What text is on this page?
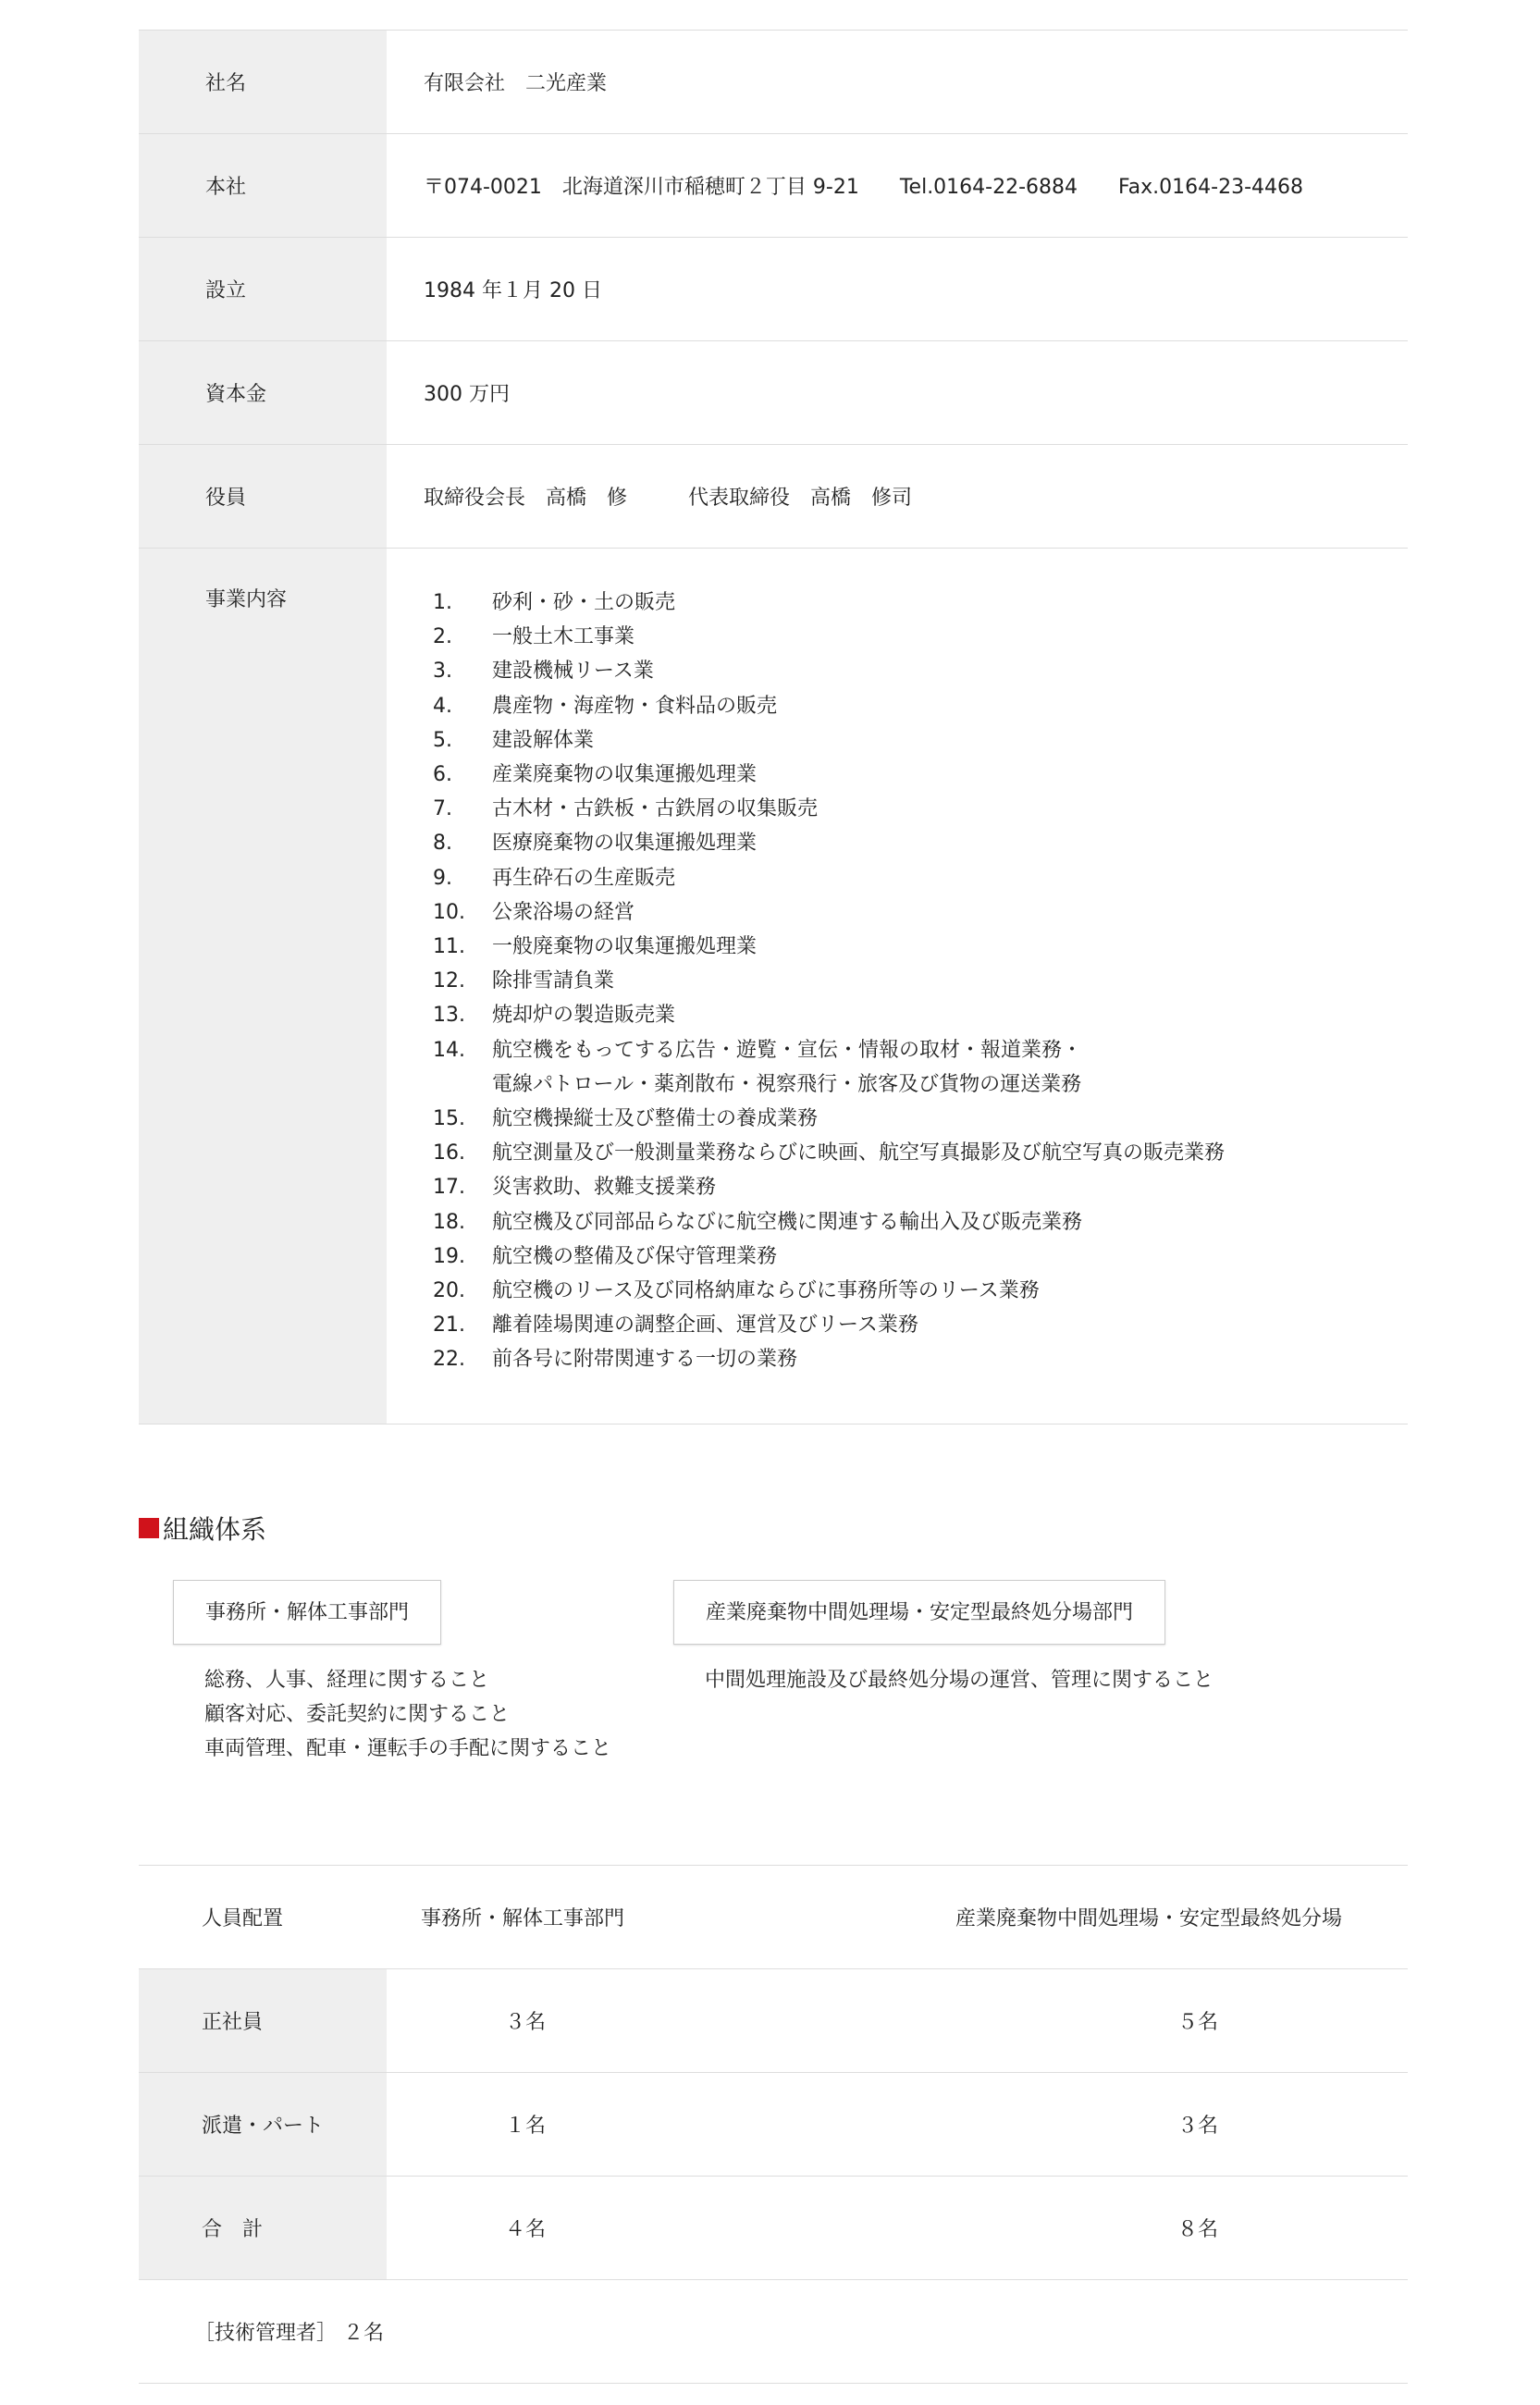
社名	有限会社　二光産業
本社	〒074-0021　北海道深川市稲穂町２丁目 9-21　　Tel.0164-22-6884　　Fax.0164-23-4468
設立	1984 年１月 20 日
資本金	300 万円
役員	取締役会長　高橋　修　　　代表取締役　高橋　修司
事業内容	1.	砂利・砂・土の販売
2.	一般土木工事業
3.	建設機械リース業
4.	農産物・海産物・食料品の販売
5.	建設解体業
6.	産業廃棄物の収集運搬処理業
7.	古木材・古鉄板・古鉄屑の収集販売
8.	医療廃棄物の収集運搬処理業
9.	再生砕石の生産販売
10.	公衆浴場の経営
11.	一般廃棄物の収集運搬処理業
12.	除排雪請負業
13.	焼却炉の製造販売業
14.	航空機をもってする広告・遊覧・宣伝・情報の取材・報道業務・
電線パトロール・薬剤散布・視察飛行・旅客及び貨物の運送業務
15.	航空機操縦士及び整備士の養成業務
16.	航空測量及び一般測量業務ならびに映画、航空写真撮影及び航空写真の販売業務
17.	災害救助、救難支援業務
18.	航空機及び同部品らなびに航空機に関連する輸出入及び販売業務
19.	航空機の整備及び保守管理業務
20.	航空機のリース及び同格納庫ならびに事務所等のリース業務
21.	離着陸場関連の調整企画、運営及びリース業務
22.	前各号に附帯関連する一切の業務
組織体系
事務所・解体工事部門
総務、人事、経理に関すること
顧客対応、委託契約に関すること
車両管理、配車・運転手の手配に関すること
産業廃棄物中間処理場・安定型最終処分場部門
中間処理施設及び最終処分場の運営、管理に関すること
人員配置	事務所・解体工事部門	産業廃棄物中間処理場・安定型最終処分場
正社員	３名	５名
派遣・パート	１名	３名
合　計	４名	８名
［技術管理者］ ２名
